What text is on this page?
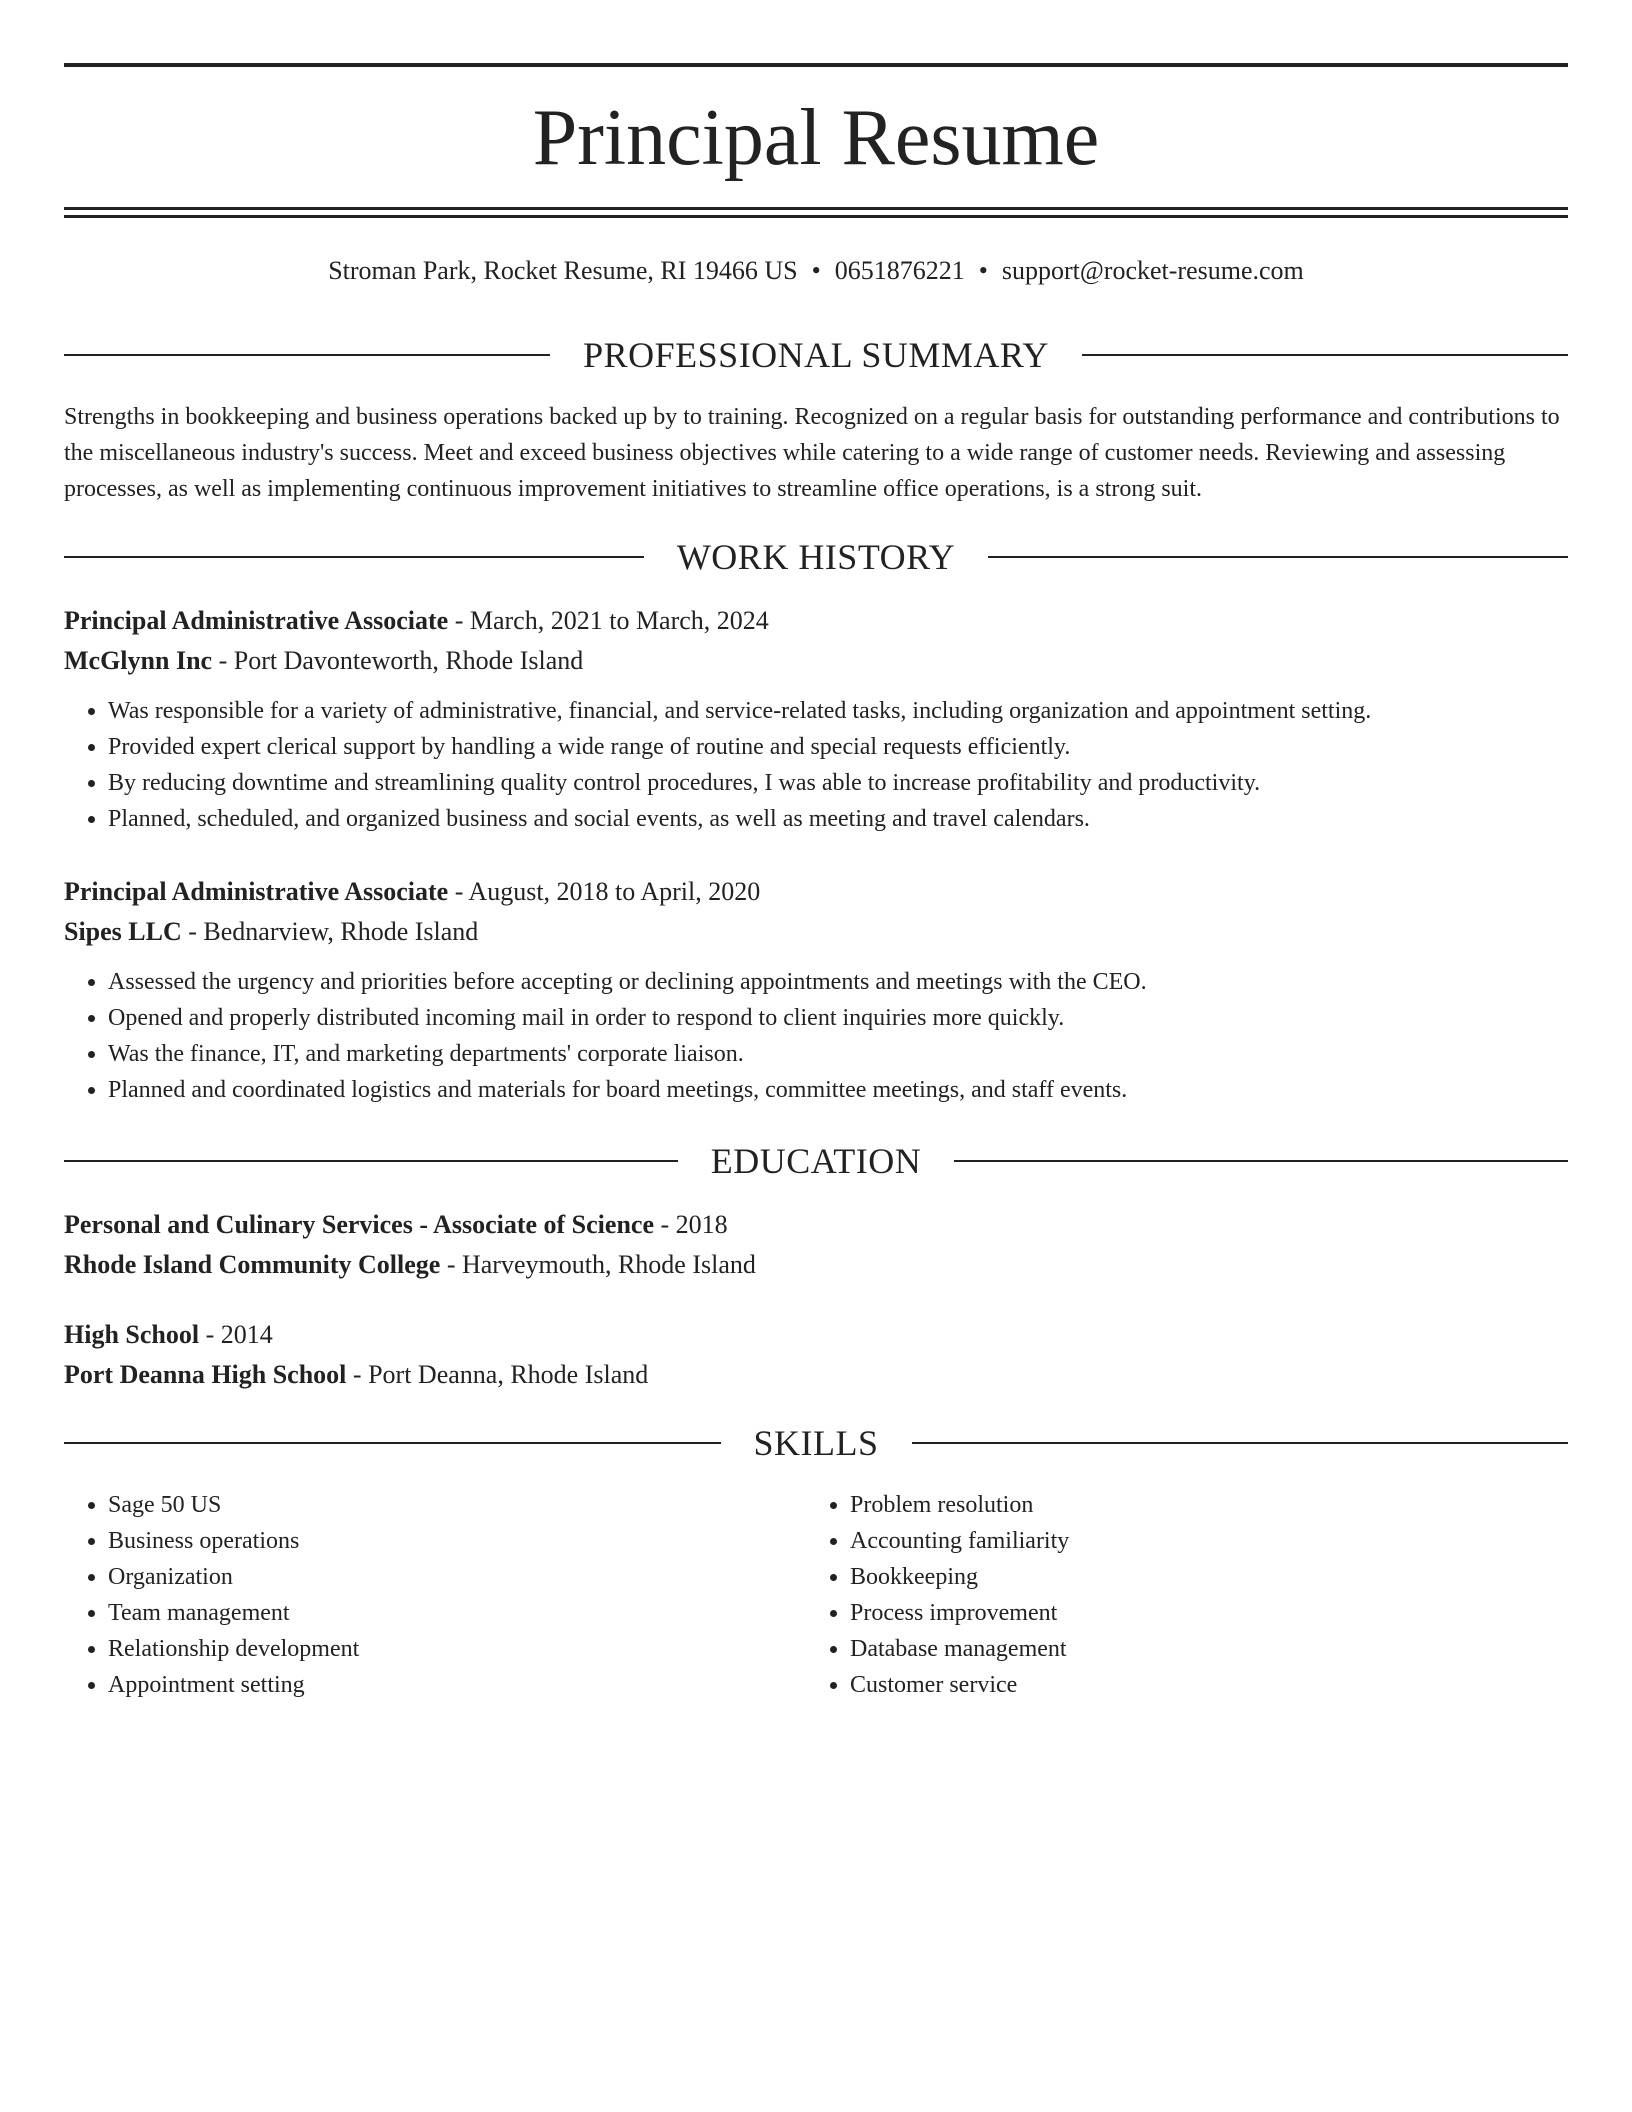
Principal Resume
Stroman Park, Rocket Resume, RI 19466 US • 0651876221 • support@rocket-resume.com
PROFESSIONAL SUMMARY

Strengths in bookkeeping and business operations backed up by to training. Recognized on a regular basis for outstanding performance and contributions to the miscellaneous industry's success. Meet and exceed business objectives while catering to a wide range of customer needs. Reviewing and assessing processes, as well as implementing continuous improvement initiatives to streamline office operations, is a strong suit.

WORK HISTORY
Principal Administrative Associate - March, 2021 to March, 2024
McGlynn Inc - Port Davonteworth, Rhode Island
• Was responsible for a variety of administrative, financial, and service-related tasks, including organization and appointment setting.
• Provided expert clerical support by handling a wide range of routine and special requests efficiently.
• By reducing downtime and streamlining quality control procedures, I was able to increase profitability and productivity.
• Planned, scheduled, and organized business and social events, as well as meeting and travel calendars.
Principal Administrative Associate - August, 2018 to April, 2020
Sipes LLC - Bednarview, Rhode Island
• Assessed the urgency and priorities before accepting or declining appointments and meetings with the CEO.
• Opened and properly distributed incoming mail in order to respond to client inquiries more quickly.
• Was the finance, IT, and marketing departments' corporate liaison.
• Planned and coordinated logistics and materials for board meetings, committee meetings, and staff events.
EDUCATION
Personal and Culinary Services - Associate of Science - 2018
Rhode Island Community College - Harveymouth, Rhode Island
High School - 2014
Port Deanna High School - Port Deanna, Rhode Island
SKILLS
• Sage 50 US
• Business operations
• Organization
• Team management
• Relationship development
• Appointment setting
• Problem resolution
• Accounting familiarity
• Bookkeeping
• Process improvement
• Database management
• Customer service
